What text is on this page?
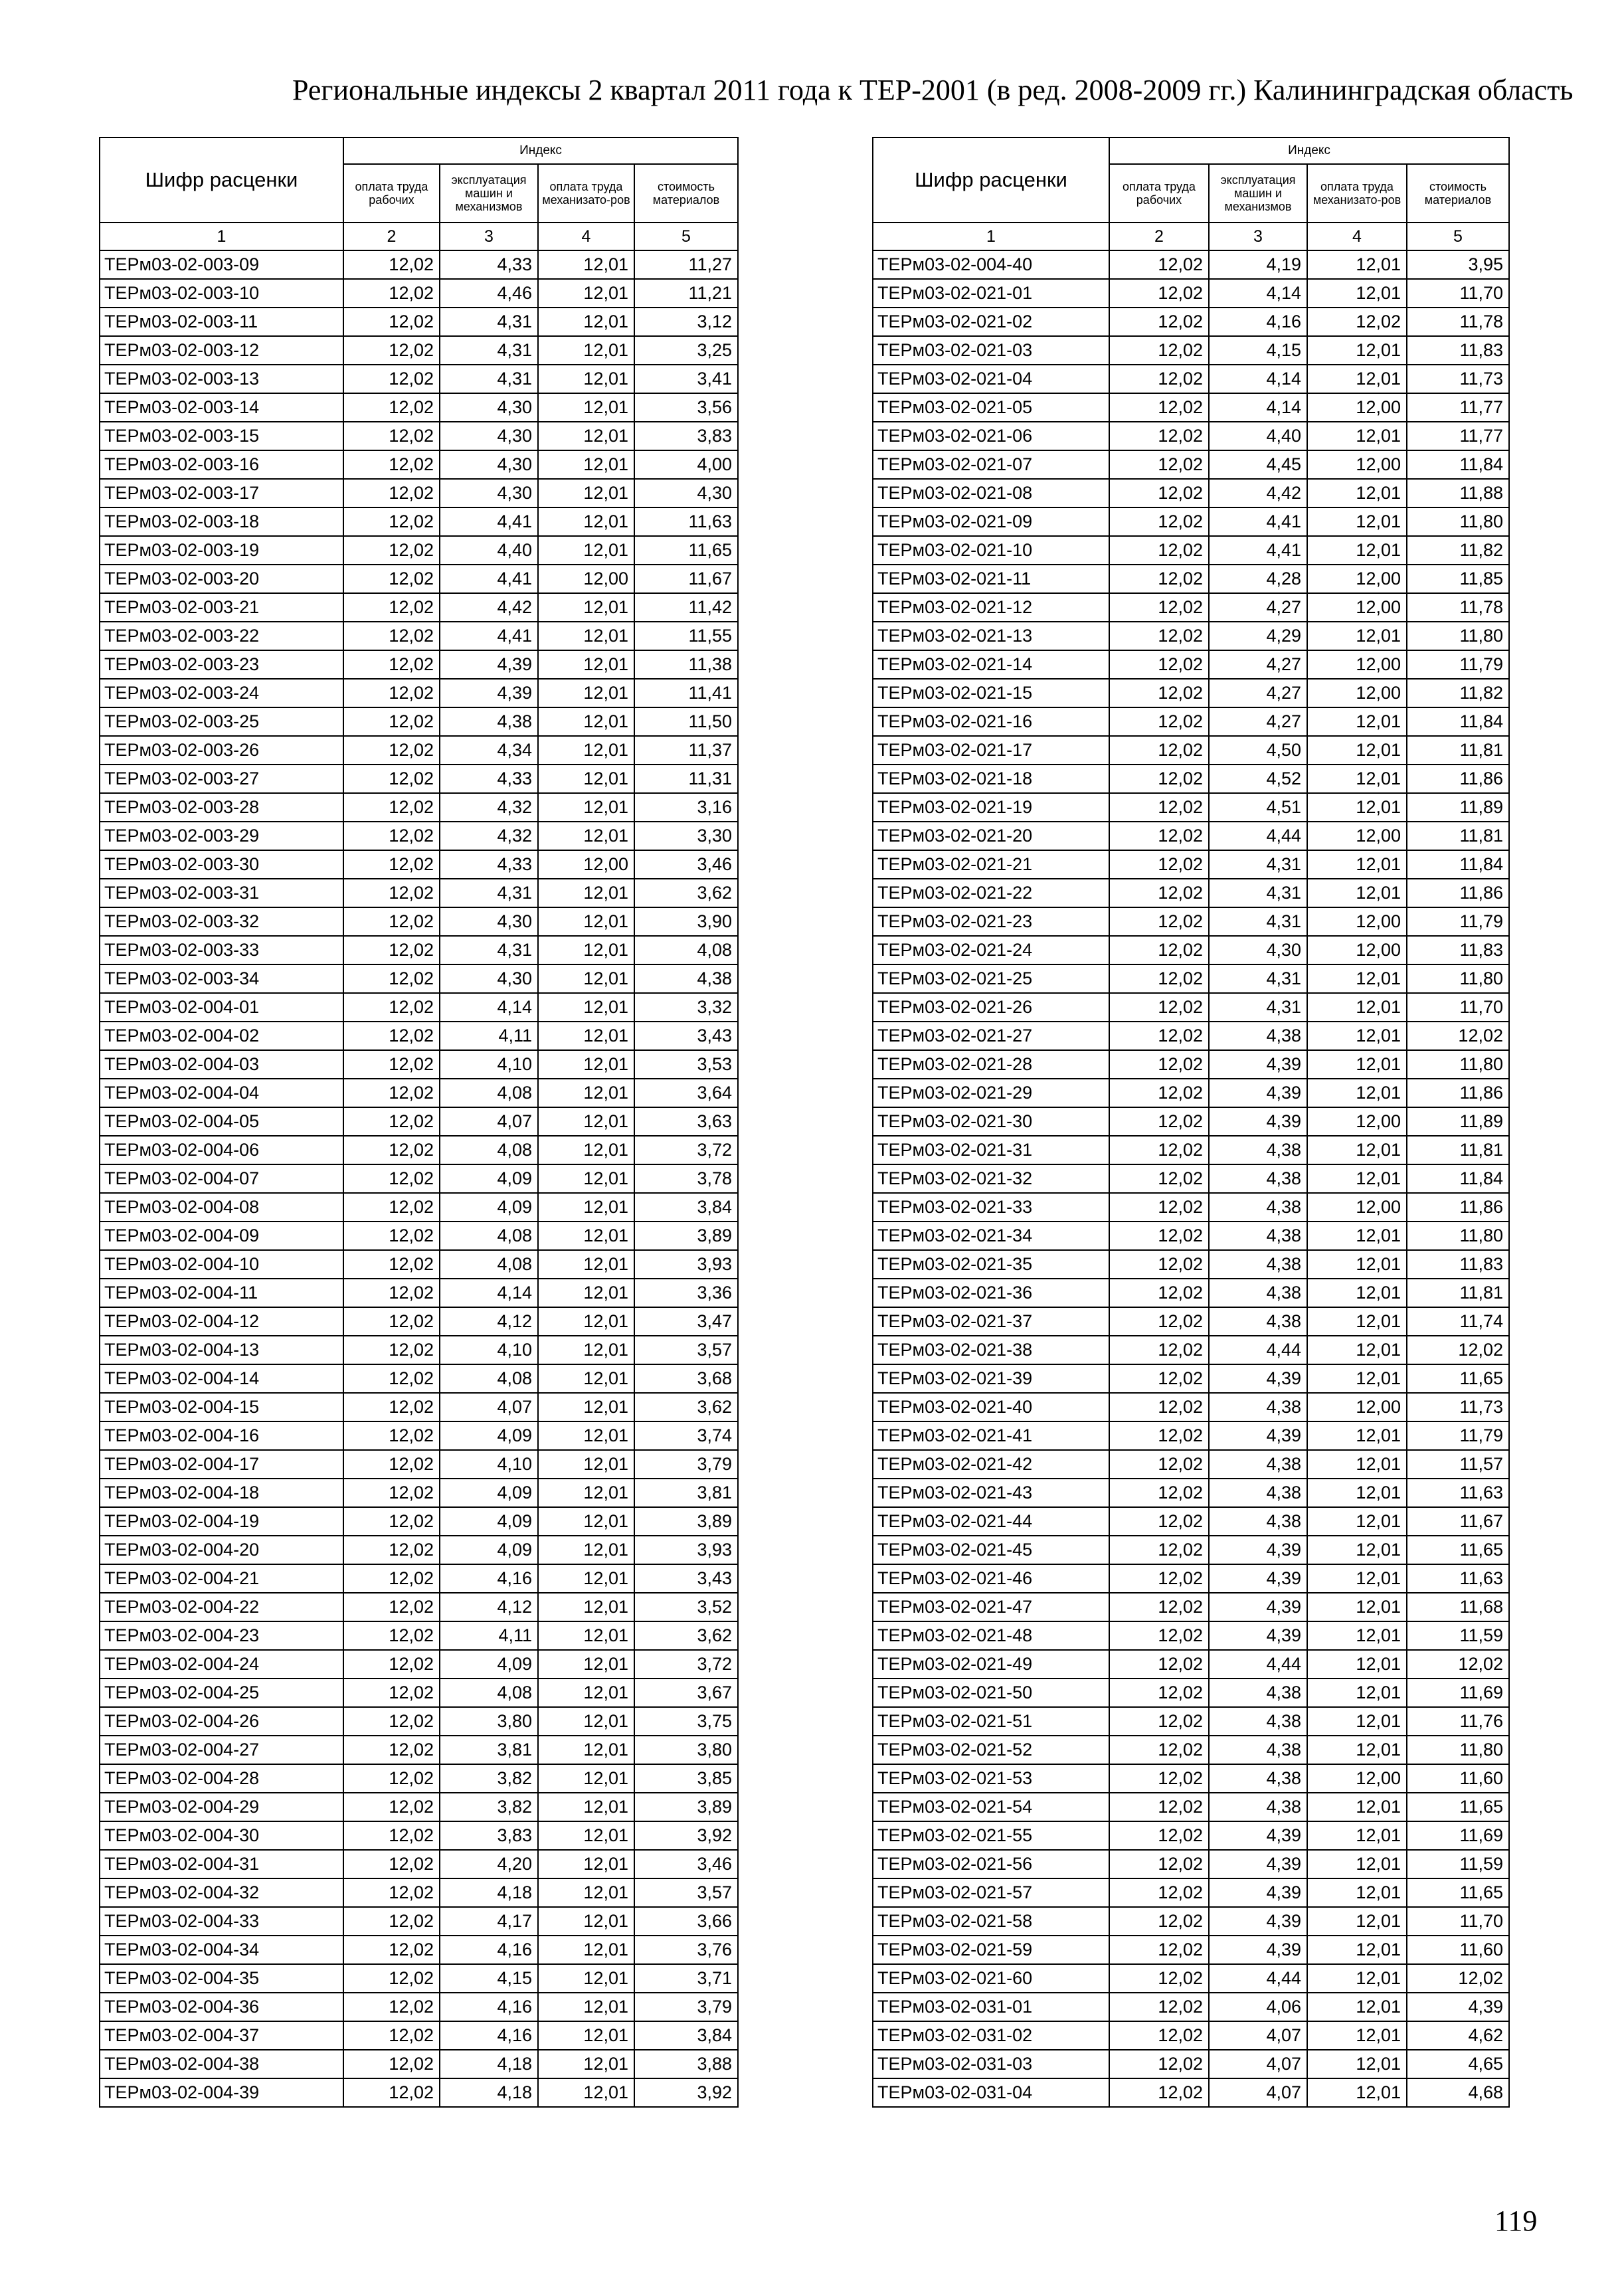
Региональные индексы 2 квартал 2011 года к ТЕР-2001 (в ред. 2008-2009 гг.) Калининградская область
Шифр расценки	Индекс			
	оплата труда рабочих	эксплуатация машин и механизмов	оплата труда механизато-ров	стоимость материалов
1	2	3	4	5
ТЕРм03-02-003-09	12,02	4,33	12,01	11,27
ТЕРм03-02-003-10	12,02	4,46	12,01	11,21
ТЕРм03-02-003-11	12,02	4,31	12,01	3,12
ТЕРм03-02-003-12	12,02	4,31	12,01	3,25
ТЕРм03-02-003-13	12,02	4,31	12,01	3,41
ТЕРм03-02-003-14	12,02	4,30	12,01	3,56
ТЕРм03-02-003-15	12,02	4,30	12,01	3,83
ТЕРм03-02-003-16	12,02	4,30	12,01	4,00
ТЕРм03-02-003-17	12,02	4,30	12,01	4,30
ТЕРм03-02-003-18	12,02	4,41	12,01	11,63
ТЕРм03-02-003-19	12,02	4,40	12,01	11,65
ТЕРм03-02-003-20	12,02	4,41	12,00	11,67
ТЕРм03-02-003-21	12,02	4,42	12,01	11,42
ТЕРм03-02-003-22	12,02	4,41	12,01	11,55
ТЕРм03-02-003-23	12,02	4,39	12,01	11,38
ТЕРм03-02-003-24	12,02	4,39	12,01	11,41
ТЕРм03-02-003-25	12,02	4,38	12,01	11,50
ТЕРм03-02-003-26	12,02	4,34	12,01	11,37
ТЕРм03-02-003-27	12,02	4,33	12,01	11,31
ТЕРм03-02-003-28	12,02	4,32	12,01	3,16
ТЕРм03-02-003-29	12,02	4,32	12,01	3,30
ТЕРм03-02-003-30	12,02	4,33	12,00	3,46
ТЕРм03-02-003-31	12,02	4,31	12,01	3,62
ТЕРм03-02-003-32	12,02	4,30	12,01	3,90
ТЕРм03-02-003-33	12,02	4,31	12,01	4,08
ТЕРм03-02-003-34	12,02	4,30	12,01	4,38
ТЕРм03-02-004-01	12,02	4,14	12,01	3,32
ТЕРм03-02-004-02	12,02	4,11	12,01	3,43
ТЕРм03-02-004-03	12,02	4,10	12,01	3,53
ТЕРм03-02-004-04	12,02	4,08	12,01	3,64
ТЕРм03-02-004-05	12,02	4,07	12,01	3,63
ТЕРм03-02-004-06	12,02	4,08	12,01	3,72
ТЕРм03-02-004-07	12,02	4,09	12,01	3,78
ТЕРм03-02-004-08	12,02	4,09	12,01	3,84
ТЕРм03-02-004-09	12,02	4,08	12,01	3,89
ТЕРм03-02-004-10	12,02	4,08	12,01	3,93
ТЕРм03-02-004-11	12,02	4,14	12,01	3,36
ТЕРм03-02-004-12	12,02	4,12	12,01	3,47
ТЕРм03-02-004-13	12,02	4,10	12,01	3,57
ТЕРм03-02-004-14	12,02	4,08	12,01	3,68
ТЕРм03-02-004-15	12,02	4,07	12,01	3,62
ТЕРм03-02-004-16	12,02	4,09	12,01	3,74
ТЕРм03-02-004-17	12,02	4,10	12,01	3,79
ТЕРм03-02-004-18	12,02	4,09	12,01	3,81
ТЕРм03-02-004-19	12,02	4,09	12,01	3,89
ТЕРм03-02-004-20	12,02	4,09	12,01	3,93
ТЕРм03-02-004-21	12,02	4,16	12,01	3,43
ТЕРм03-02-004-22	12,02	4,12	12,01	3,52
ТЕРм03-02-004-23	12,02	4,11	12,01	3,62
ТЕРм03-02-004-24	12,02	4,09	12,01	3,72
ТЕРм03-02-004-25	12,02	4,08	12,01	3,67
ТЕРм03-02-004-26	12,02	3,80	12,01	3,75
ТЕРм03-02-004-27	12,02	3,81	12,01	3,80
ТЕРм03-02-004-28	12,02	3,82	12,01	3,85
ТЕРм03-02-004-29	12,02	3,82	12,01	3,89
ТЕРм03-02-004-30	12,02	3,83	12,01	3,92
ТЕРм03-02-004-31	12,02	4,20	12,01	3,46
ТЕРм03-02-004-32	12,02	4,18	12,01	3,57
ТЕРм03-02-004-33	12,02	4,17	12,01	3,66
ТЕРм03-02-004-34	12,02	4,16	12,01	3,76
ТЕРм03-02-004-35	12,02	4,15	12,01	3,71
ТЕРм03-02-004-36	12,02	4,16	12,01	3,79
ТЕРм03-02-004-37	12,02	4,16	12,01	3,84
ТЕРм03-02-004-38	12,02	4,18	12,01	3,88
ТЕРм03-02-004-39	12,02	4,18	12,01	3,92
Шифр расценки	Индекс			
	оплата труда рабочих	эксплуатация машин и механизмов	оплата труда механизато-ров	стоимость материалов
1	2	3	4	5
ТЕРм03-02-004-40	12,02	4,19	12,01	3,95
ТЕРм03-02-021-01	12,02	4,14	12,01	11,70
ТЕРм03-02-021-02	12,02	4,16	12,02	11,78
ТЕРм03-02-021-03	12,02	4,15	12,01	11,83
ТЕРм03-02-021-04	12,02	4,14	12,01	11,73
ТЕРм03-02-021-05	12,02	4,14	12,00	11,77
ТЕРм03-02-021-06	12,02	4,40	12,01	11,77
ТЕРм03-02-021-07	12,02	4,45	12,00	11,84
ТЕРм03-02-021-08	12,02	4,42	12,01	11,88
ТЕРм03-02-021-09	12,02	4,41	12,01	11,80
ТЕРм03-02-021-10	12,02	4,41	12,01	11,82
ТЕРм03-02-021-11	12,02	4,28	12,00	11,85
ТЕРм03-02-021-12	12,02	4,27	12,00	11,78
ТЕРм03-02-021-13	12,02	4,29	12,01	11,80
ТЕРм03-02-021-14	12,02	4,27	12,00	11,79
ТЕРм03-02-021-15	12,02	4,27	12,00	11,82
ТЕРм03-02-021-16	12,02	4,27	12,01	11,84
ТЕРм03-02-021-17	12,02	4,50	12,01	11,81
ТЕРм03-02-021-18	12,02	4,52	12,01	11,86
ТЕРм03-02-021-19	12,02	4,51	12,01	11,89
ТЕРм03-02-021-20	12,02	4,44	12,00	11,81
ТЕРм03-02-021-21	12,02	4,31	12,01	11,84
ТЕРм03-02-021-22	12,02	4,31	12,01	11,86
ТЕРм03-02-021-23	12,02	4,31	12,00	11,79
ТЕРм03-02-021-24	12,02	4,30	12,00	11,83
ТЕРм03-02-021-25	12,02	4,31	12,01	11,80
ТЕРм03-02-021-26	12,02	4,31	12,01	11,70
ТЕРм03-02-021-27	12,02	4,38	12,01	12,02
ТЕРм03-02-021-28	12,02	4,39	12,01	11,80
ТЕРм03-02-021-29	12,02	4,39	12,01	11,86
ТЕРм03-02-021-30	12,02	4,39	12,00	11,89
ТЕРм03-02-021-31	12,02	4,38	12,01	11,81
ТЕРм03-02-021-32	12,02	4,38	12,01	11,84
ТЕРм03-02-021-33	12,02	4,38	12,00	11,86
ТЕРм03-02-021-34	12,02	4,38	12,01	11,80
ТЕРм03-02-021-35	12,02	4,38	12,01	11,83
ТЕРм03-02-021-36	12,02	4,38	12,01	11,81
ТЕРм03-02-021-37	12,02	4,38	12,01	11,74
ТЕРм03-02-021-38	12,02	4,44	12,01	12,02
ТЕРм03-02-021-39	12,02	4,39	12,01	11,65
ТЕРм03-02-021-40	12,02	4,38	12,00	11,73
ТЕРм03-02-021-41	12,02	4,39	12,01	11,79
ТЕРм03-02-021-42	12,02	4,38	12,01	11,57
ТЕРм03-02-021-43	12,02	4,38	12,01	11,63
ТЕРм03-02-021-44	12,02	4,38	12,01	11,67
ТЕРм03-02-021-45	12,02	4,39	12,01	11,65
ТЕРм03-02-021-46	12,02	4,39	12,01	11,63
ТЕРм03-02-021-47	12,02	4,39	12,01	11,68
ТЕРм03-02-021-48	12,02	4,39	12,01	11,59
ТЕРм03-02-021-49	12,02	4,44	12,01	12,02
ТЕРм03-02-021-50	12,02	4,38	12,01	11,69
ТЕРм03-02-021-51	12,02	4,38	12,01	11,76
ТЕРм03-02-021-52	12,02	4,38	12,01	11,80
ТЕРм03-02-021-53	12,02	4,38	12,00	11,60
ТЕРм03-02-021-54	12,02	4,38	12,01	11,65
ТЕРм03-02-021-55	12,02	4,39	12,01	11,69
ТЕРм03-02-021-56	12,02	4,39	12,01	11,59
ТЕРм03-02-021-57	12,02	4,39	12,01	11,65
ТЕРм03-02-021-58	12,02	4,39	12,01	11,70
ТЕРм03-02-021-59	12,02	4,39	12,01	11,60
ТЕРм03-02-021-60	12,02	4,44	12,01	12,02
ТЕРм03-02-031-01	12,02	4,06	12,01	4,39
ТЕРм03-02-031-02	12,02	4,07	12,01	4,62
ТЕРм03-02-031-03	12,02	4,07	12,01	4,65
ТЕРм03-02-031-04	12,02	4,07	12,01	4,68
119
